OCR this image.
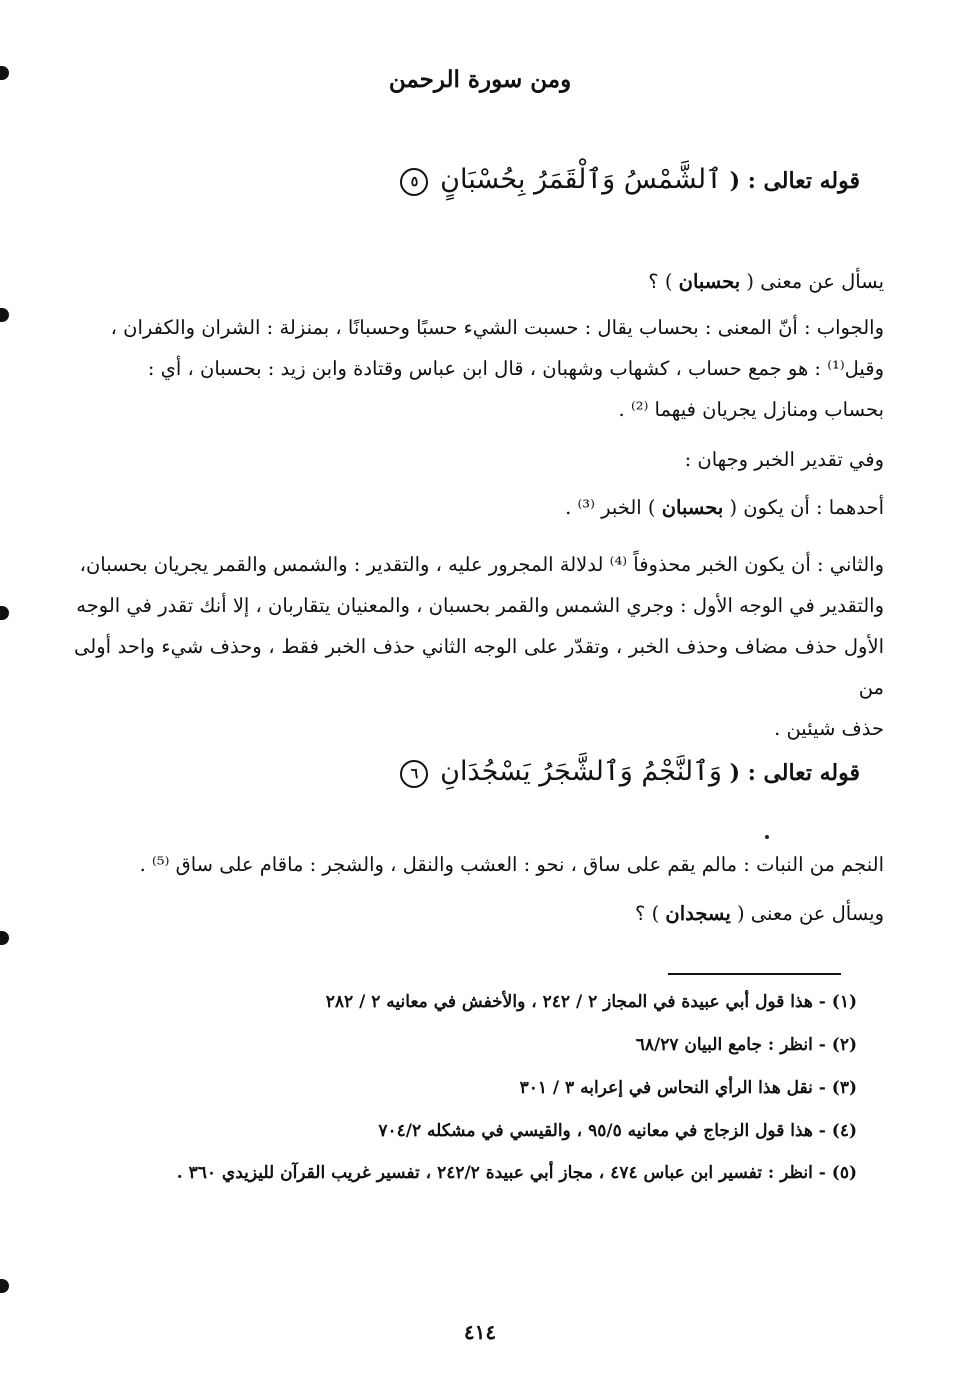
ومن سورة الرحمن
قوله تعالى : ( ٱلشَّمْسُ وَٱلْقَمَرُ بِحُسْبَانٍ ٥
يسأل عن معنى ( بحسبان ) ؟
والجواب : أنّ المعنى : بحساب يقال : حسبت الشيء حسبًا وحسبانًا ، بمنزلة : الشران والكفران ،
وقيل⁽¹⁾ : هو جمع حساب ، كشهاب وشهبان ، قال ابن عباس وقتادة وابن زيد : بحسبان ، أي :
بحساب ومنازل يجريان فيهما ⁽²⁾ .
وفي تقدير الخبر وجهان :
أحدهما : أن يكون ( بحسبان ) الخبر ⁽³⁾ .
والثاني : أن يكون الخبر محذوفاً ⁽⁴⁾ لدلالة المجرور عليه ، والتقدير : والشمس والقمر يجريان بحسبان،
والتقدير في الوجه الأول : وجري الشمس والقمر بحسبان ، والمعنيان يتقاربان ، إلا أنك تقدر في الوجه
الأول حذف مضاف وحذف الخبر ، وتقدّر على الوجه الثاني حذف الخبر فقط ، وحذف شيء واحد أولى من
حذف شيئين .
قوله تعالى : ( وَٱلنَّجْمُ وَٱلشَّجَرُ يَسْجُدَانِ ٦
النجم من النبات : مالم يقم على ساق ، نحو : العشب والنقل ، والشجر : ماقام على ساق ⁽⁵⁾ .
ويسأل عن معنى ( يسجدان ) ؟
(١) - هذا قول أبي عبيدة في المجاز ٢ / ٢٤٢ ، والأخفش في معانيه ٢ / ٢٨٢
(٢) - انظر : جامع البيان ٦٨/٢٧
(٣) - نقل هذا الرأي النحاس في إعرابه ٣ / ٣٠١
(٤) - هذا قول الزجاج في معانيه ٩٥/٥ ، والقيسي في مشكله ٧٠٤/٢
(٥) - انظر : تفسير ابن عباس ٤٧٤ ، مجاز أبي عبيدة ٢٤٢/٢ ، تفسير غريب القرآن لليزيدي ٣٦٠ .
٤١٤
